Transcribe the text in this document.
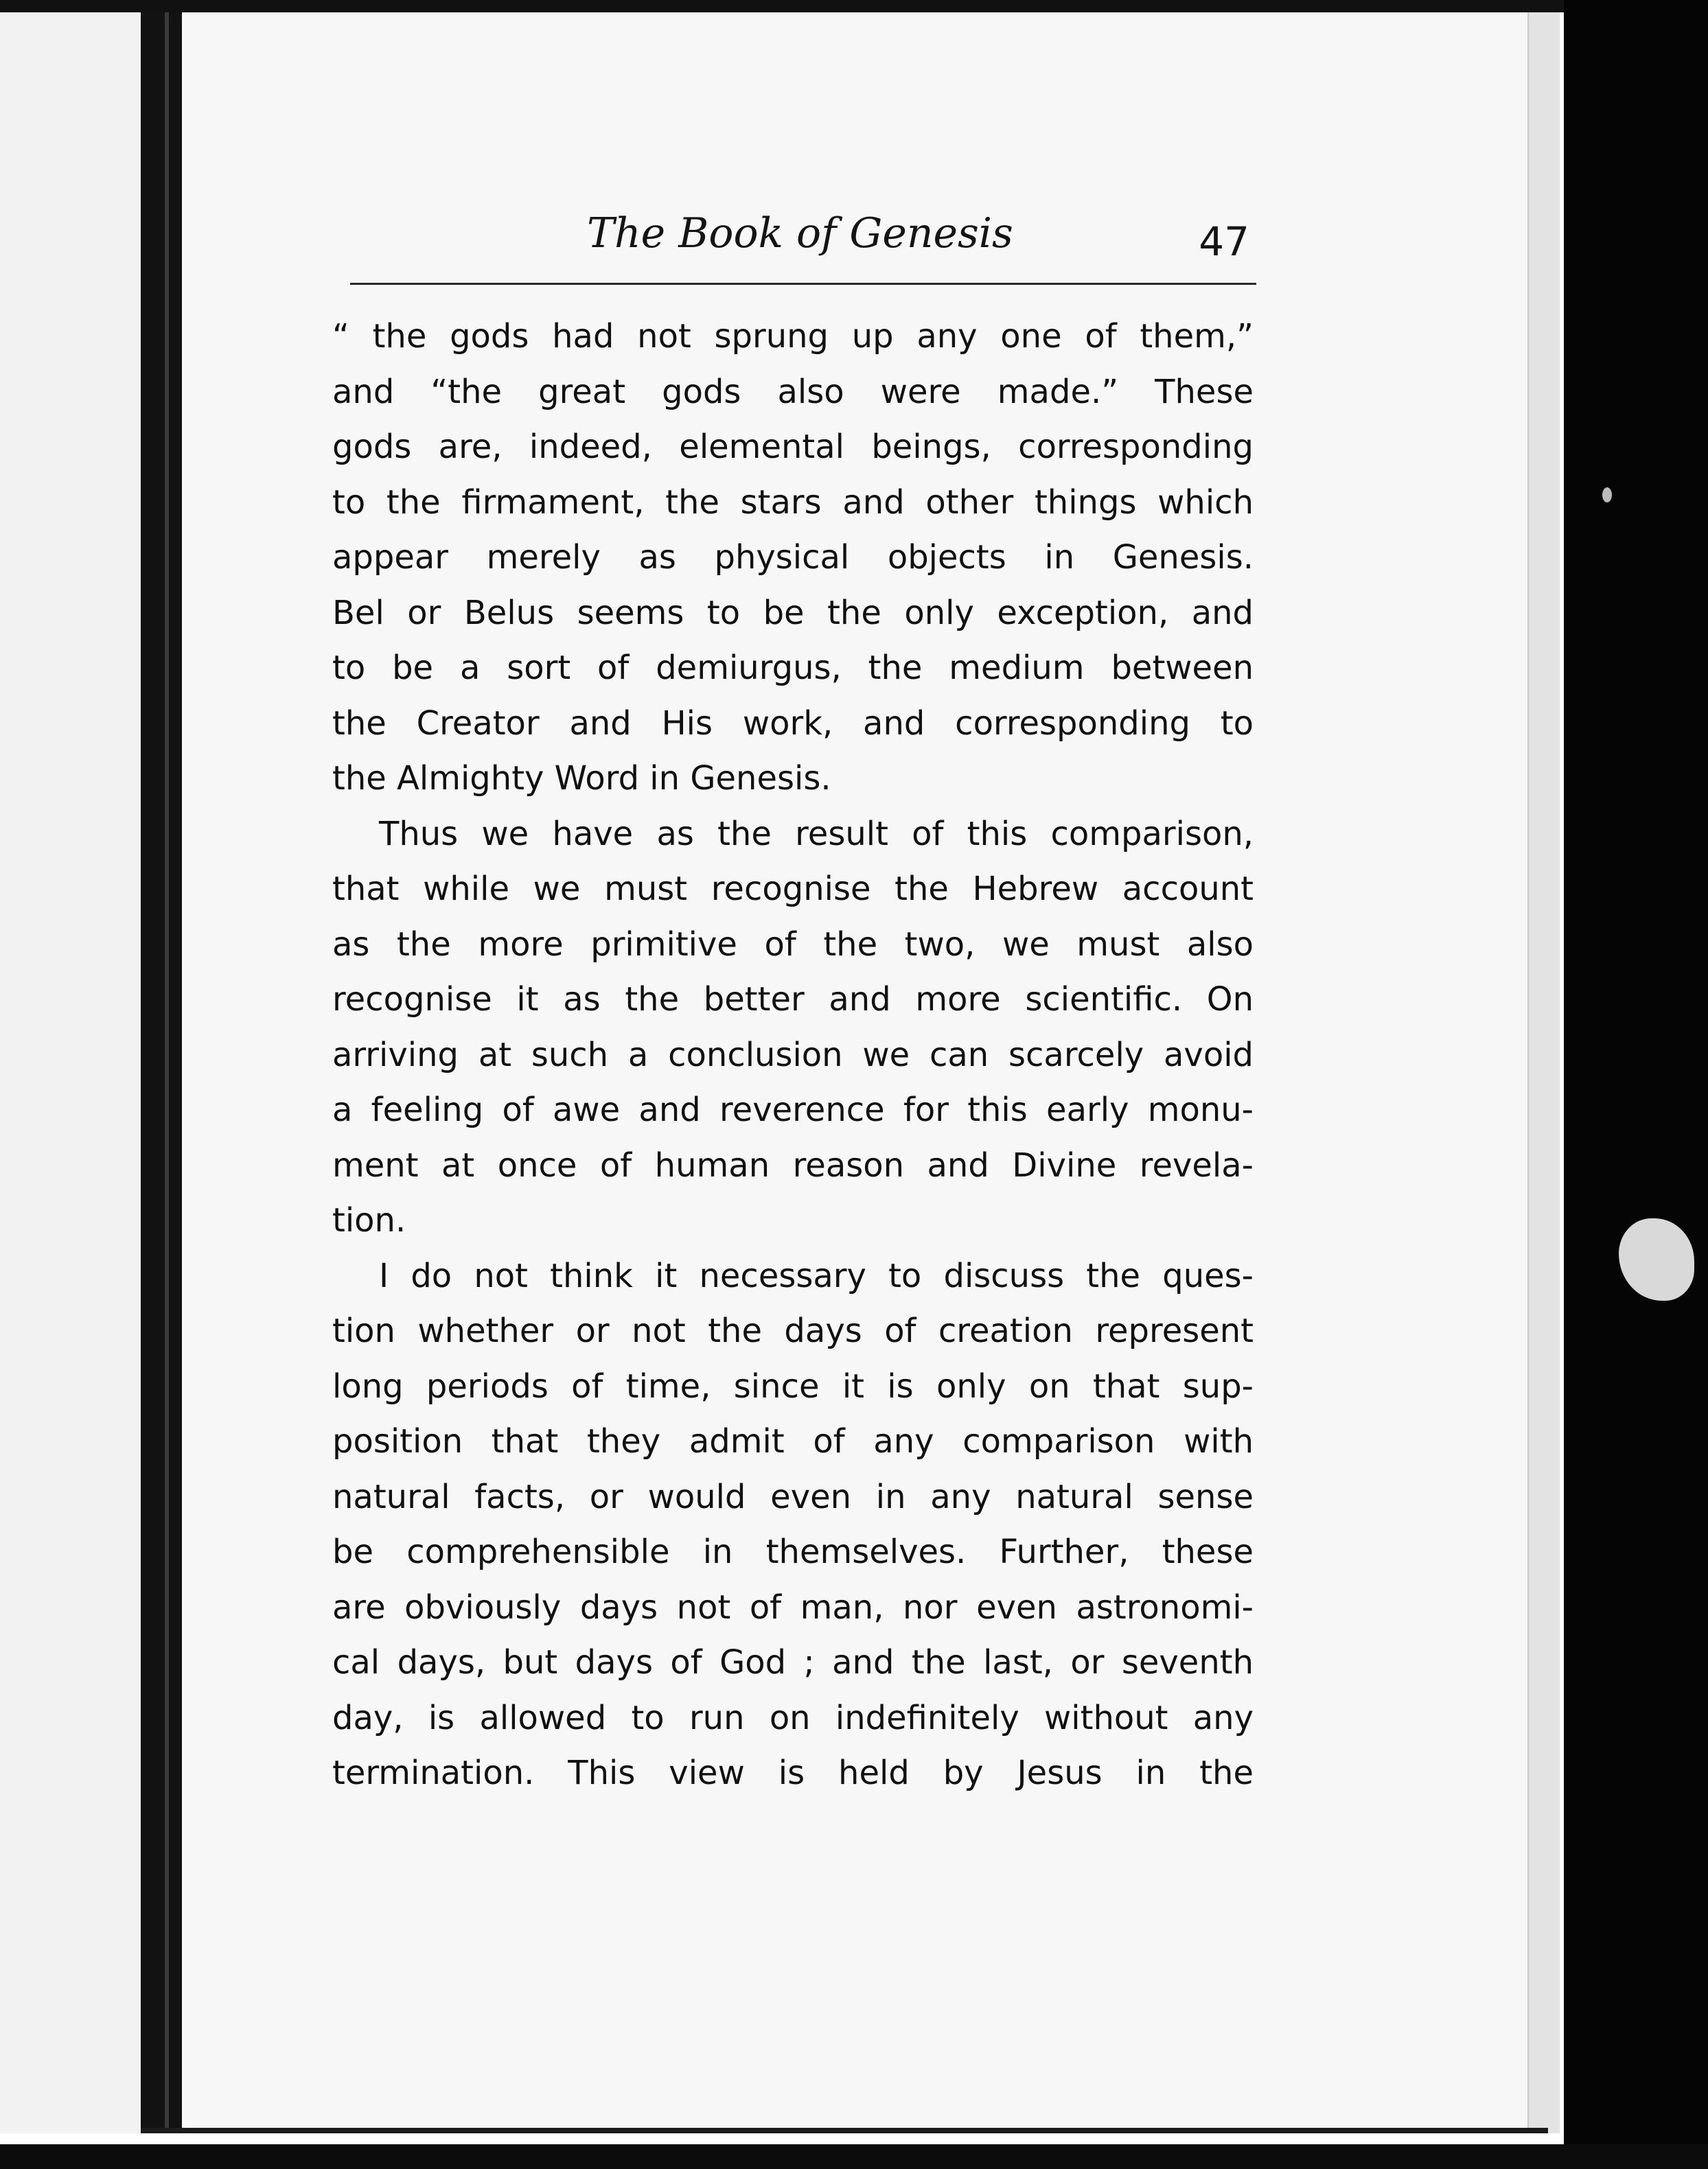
The Book of Genesis	47
“ the gods had not sprung up any one of them,”
and “the great gods also were made.” These
gods are, indeed, elemental beings, corresponding
to the firmament, the stars and other things which
appear merely as physical objects in Genesis.
Bel or Belus seems to be the only exception, and
to be a sort of demiurgus, the medium between
the Creator and His work, and corresponding to
the Almighty Word in Genesis.
Thus we have as the result of this comparison,
that while we must recognise the Hebrew account
as the more primitive of the two, we must also
recognise it as the better and more scientific. On
arriving at such a conclusion we can scarcely avoid
a feeling of awe and reverence for this early monu-
ment at once of human reason and Divine revela-
tion.
I do not think it necessary to discuss the ques-
tion whether or not the days of creation represent
long periods of time, since it is only on that sup-
position that they admit of any comparison with
natural facts, or would even in any natural sense
be comprehensible in themselves. Further, these
are obviously days not of man, nor even astronomi-
cal days, but days of God ; and the last, or seventh
day, is allowed to run on indefinitely without any
termination. This view is held by Jesus in the
